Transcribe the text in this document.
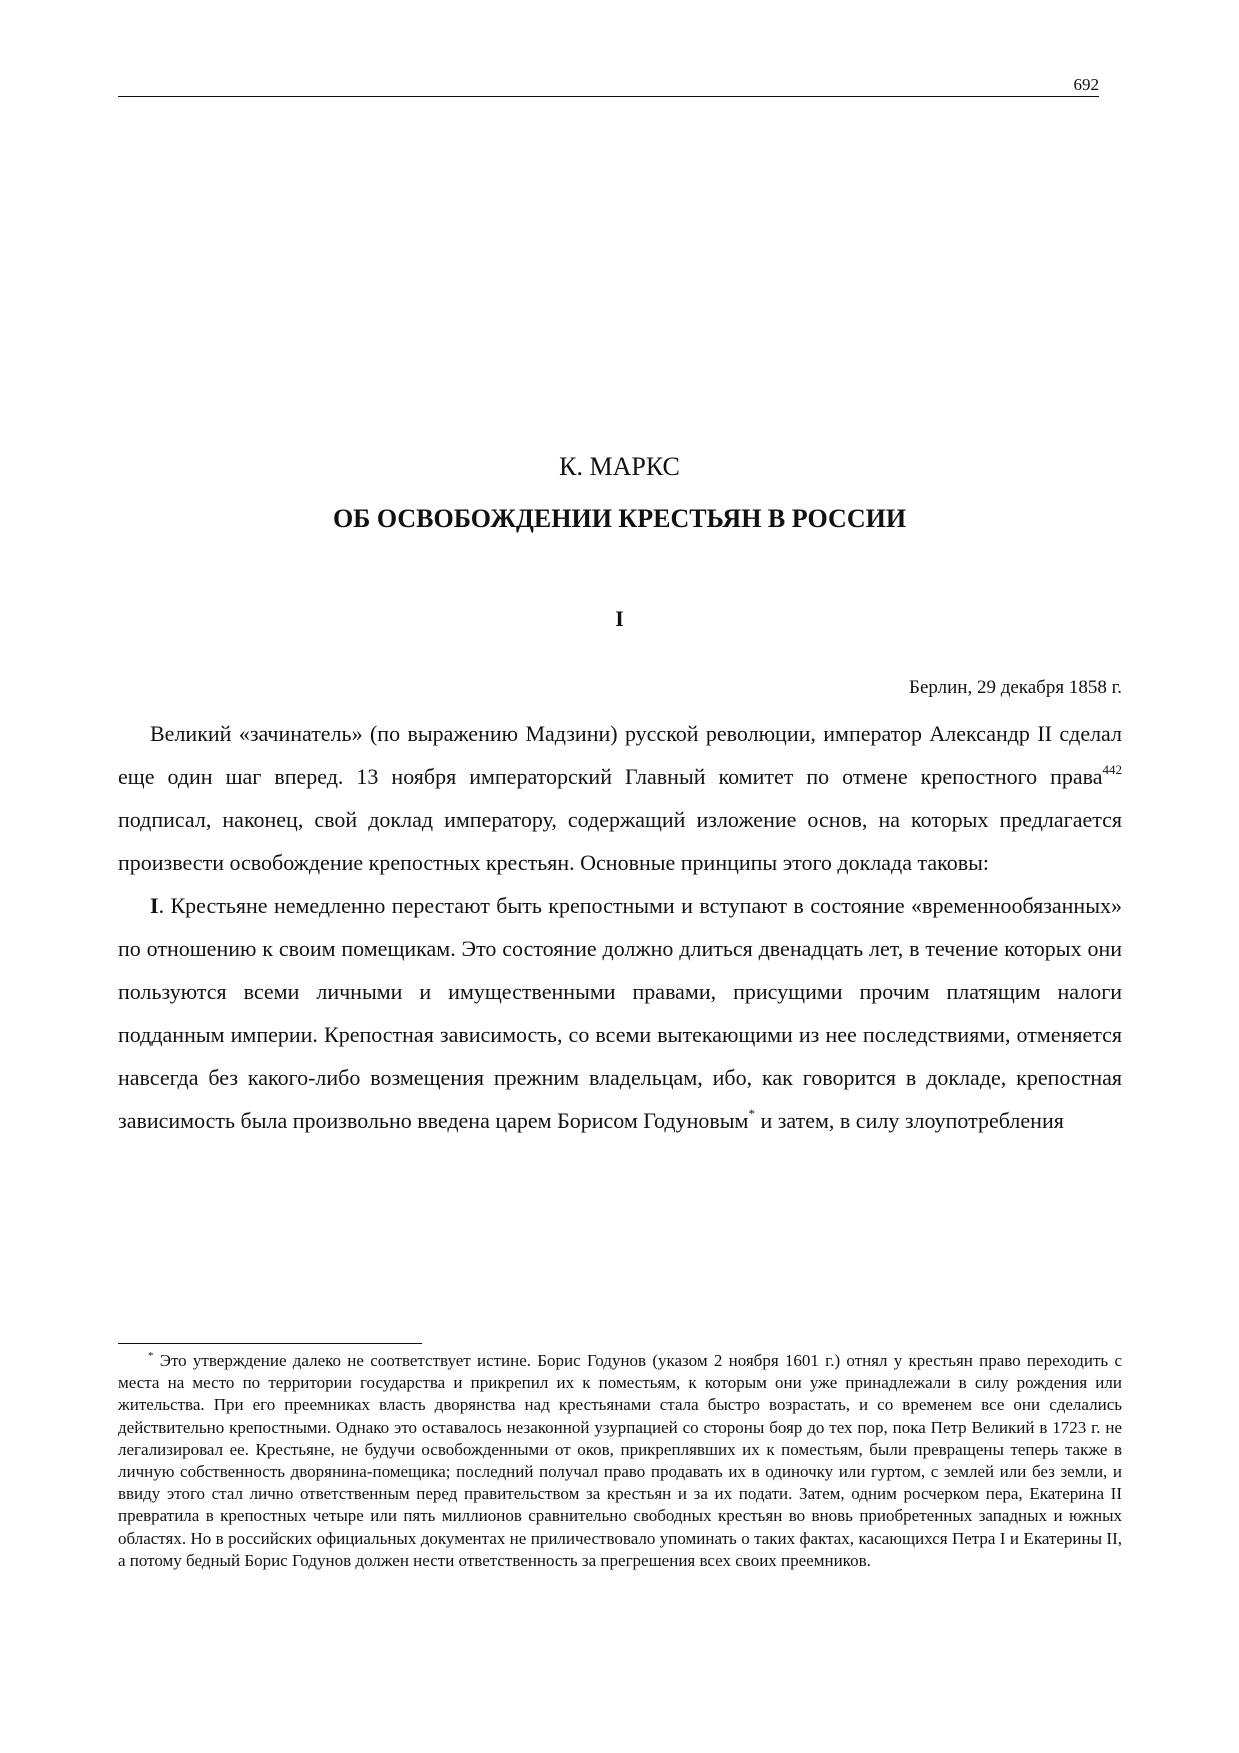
692
К. МАРКС
ОБ ОСВОБОЖДЕНИИ КРЕСТЬЯН В РОССИИ
I
Берлин, 29 декабря 1858 г.

Великий «зачинатель» (по выражению Мадзини) русской революции, император Александр II сделал еще один шаг вперед. 13 ноября императорский Главный комитет по отмене крепостного права$^{442}$ подписал, наконец, свой доклад императору, содержащий изложение основ, на которых предлагается произвести освобождение крепостных крестьян. Основные принципы этого доклада таковы:

I. Крестьяне немедленно перестают быть крепостными и вступают в состояние «временнообязанных» по отношению к своим помещикам. Это состояние должно длиться двенадцать лет, в течение которых они пользуются всеми личными и имущественными правами, присущими прочим платящим налоги подданным империи. Крепостная зависимость, со всеми вытекающими из нее последствиями, отменяется навсегда без какого-либо возмещения прежним владельцам, ибо, как говорится в докладе, крепостная зависимость была произвольно введена царем Борисом Годуновым* и затем, в силу злоупотребления

* Это утверждение далеко не соответствует истине. Борис Годунов (указом 2 ноября 1601 г.) отнял у крестьян право переходить с места на место по территории государства и прикрепил их к поместьям, к которым они уже принадлежали в силу рождения или жительства. При его преемниках власть дворянства над крестьянами стала быстро возрастать, и со временем все они сделались действительно крепостными. Однако это оставалось незаконной узурпацией со стороны бояр до тех пор, пока Петр Великий в 1723 г. не легализировал ее. Крестьяне, не будучи освобожденными от оков, прикреплявших их к поместьям, были превращены теперь также в личную собственность дворянина-помещика; последний получал право продавать их в одиночку или гуртом, с землей или без земли, и ввиду этого стал лично ответственным перед правительством за крестьян и за их подати. Затем, одним росчерком пера, Екатерина II превратила в крепостных четыре или пять миллионов сравнительно свободных крестьян во вновь приобретенных западных и южных областях. Но в российских официальных документах не приличествовало упоминать о таких фактах, касающихся Петра I и Екатерины II, а потому бедный Борис Годунов должен нести ответственность за прегрешения всех своих преемников.
